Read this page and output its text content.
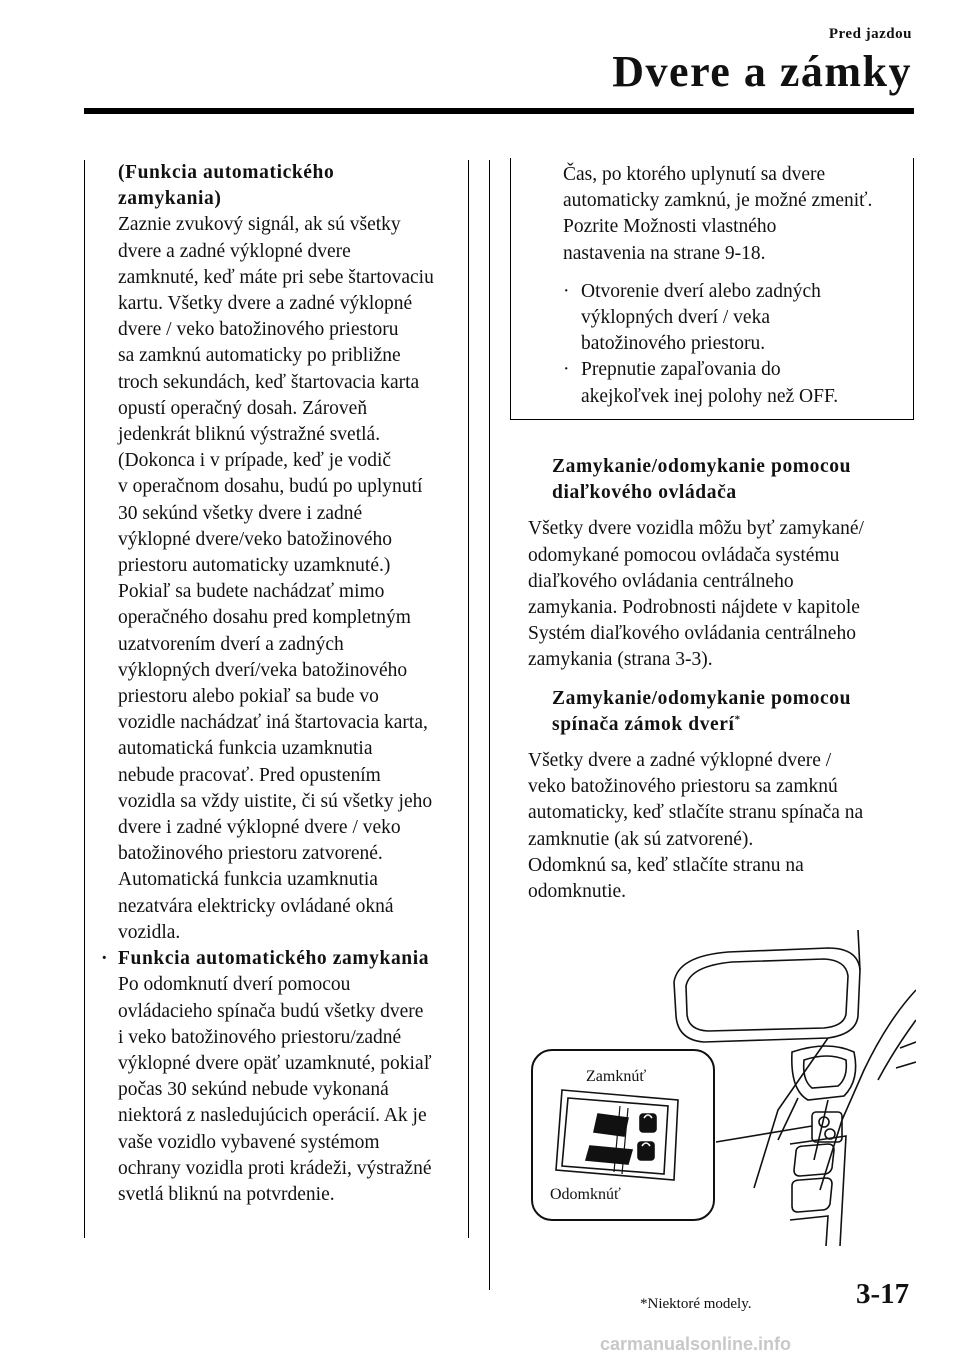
Pred jazdou
Dvere a zámky

(Funkcia automatického

zamykania)

Zaznie zvukový signál, ak sú všetky

dvere a zadné výklopné dvere

zamknuté, keď máte pri sebe štartovaciu

kartu. Všetky dvere a zadné výklopné

dvere / veko batožinového priestoru

sa zamknú automaticky po približne

troch sekundách, keď štartovacia karta

opustí operačný dosah. Zároveň

jedenkrát bliknú výstražné svetlá.

(Dokonca i v prípade, keď je vodič

v operačnom dosahu, budú po uplynutí

30 sekúnd všetky dvere i zadné

výklopné dvere/veko batožinového

priestoru automaticky uzamknuté.)

Pokiaľ sa budete nachádzať mimo

operačného dosahu pred kompletným

uzatvorením dverí a zadných

výklopných dverí/veka batožinového

priestoru alebo pokiaľ sa bude vo

vozidle nachádzať iná štartovacia karta,

automatická funkcia uzamknutia

nebude pracovať. Pred opustením

vozidla sa vždy uistite, či sú všetky jeho

dvere i zadné výklopné dvere / veko

batožinového priestoru zatvorené.

Automatická funkcia uzamknutia

nezatvára elektricky ovládané okná

vozidla.

· Funkcia automatického zamykania

Po odomknutí dverí pomocou

ovládacieho spínača budú všetky dvere

i veko batožinového priestoru/zadné

výklopné dvere opäť uzamknuté, pokiaľ

počas 30 sekúnd nebude vykonaná

niektorá z nasledujúcich operácií. Ak je

vaše vozidlo vybavené systémom

ochrany vozidla proti krádeži, výstražné

svetlá bliknú na potvrdenie.

Čas, po ktorého uplynutí sa dvere

automaticky zamknú, je možné zmeniť.

Pozrite Možnosti vlastného

nastavenia na strane 9-18.

· Otvorenie dverí alebo zadných

výklopných dverí / veka

batožinového priestoru.

· Prepnutie zapaľovania do

akejkoľvek inej polohy než OFF.

Zamykanie/odomykanie pomocou

diaľkového ovládača

Všetky dvere vozidla môžu byť zamykané/

odomykané pomocou ovládača systému

diaľkového ovládania centrálneho

zamykania. Podrobnosti nájdete v kapitole

Systém diaľkového ovládania centrálneho

zamykania (strana 3-3).

Zamykanie/odomykanie pomocou

spínača zámok dverí*

Všetky dvere a zadné výklopné dvere /

veko batožinového priestoru sa zamknú

automaticky, keď stlačíte stranu spínača na

zamknutie (ak sú zatvorené).

Odomknú sa, keď stlačíte stranu na

odomknutie.

Zamknúť
Odomknúť
*Niektoré modely.	3-17
carmanualsonline.info
